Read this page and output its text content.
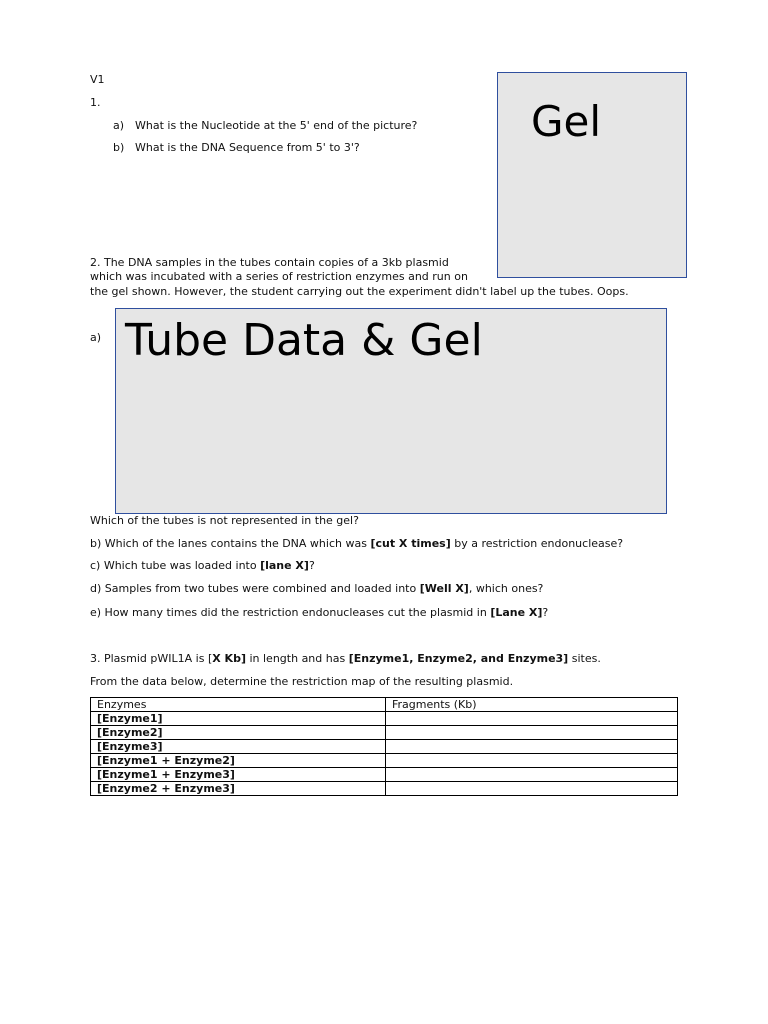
V1
1.
a) What is the Nucleotide at the 5' end of the picture?
b) What is the DNA Sequence from 5' to 3'?
Gel
2. The DNA samples in the tubes contain copies of a 3kb plasmid
which was incubated with a series of restriction enzymes and run on
the gel shown. However, the student carrying out the experiment didn't label up the tubes. Oops.
a) Tube Data & Gel
Which of the tubes is not represented in the gel?
b) Which of the lanes contains the DNA which was [cut X times] by a restriction endonuclease?
c) Which tube was loaded into [lane X]?
d) Samples from two tubes were combined and loaded into [Well X], which ones?
e) How many times did the restriction endonucleases cut the plasmid in [Lane X]?
3. Plasmid pWIL1A is [X Kb] in length and has [Enzyme1, Enzyme2, and Enzyme3] sites.
From the data below, determine the restriction map of the resulting plasmid.
Enzymes	Fragments (Kb)
[Enzyme1]	
[Enzyme2]	
[Enzyme3]	
[Enzyme1 + Enzyme2]	
[Enzyme1 + Enzyme3]	
[Enzyme2 + Enzyme3]	
